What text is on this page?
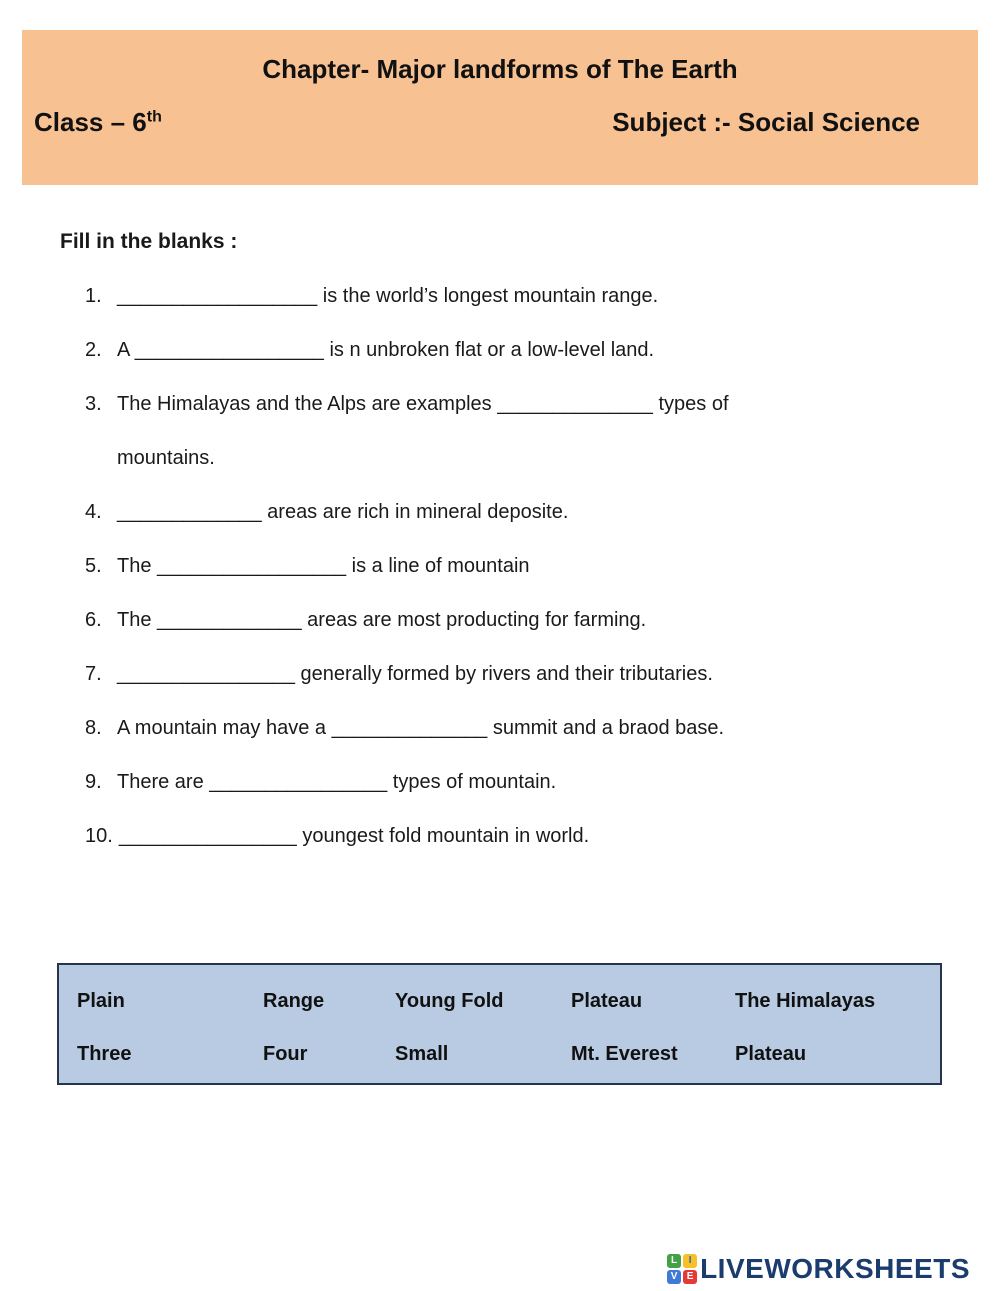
Chapter- Major landforms of The Earth
Class – 6th	Subject :- Social Science
Fill in the blanks :
1. __________________ is the world’s longest mountain range.
2. A _________________ is n unbroken flat or a low-level land.
3. The Himalayas and the Alps are examples ______________ types of
mountains.
4. _____________ areas are rich in mineral deposite.
5. The _________________ is a line of mountain
6. The _____________ areas are most producting for farming.
7. ________________ generally formed by rivers and their tributaries.
8. A mountain may have a ______________ summit and a braod base.
9. There are ________________ types of mountain.
10. ________________ youngest fold mountain in world.
Plain	Range	Young Fold	Plateau	The Himalayas
Three	Four	Small	Mt. Everest	Plateau
L	I
V E LIVEWORKSHEETS
